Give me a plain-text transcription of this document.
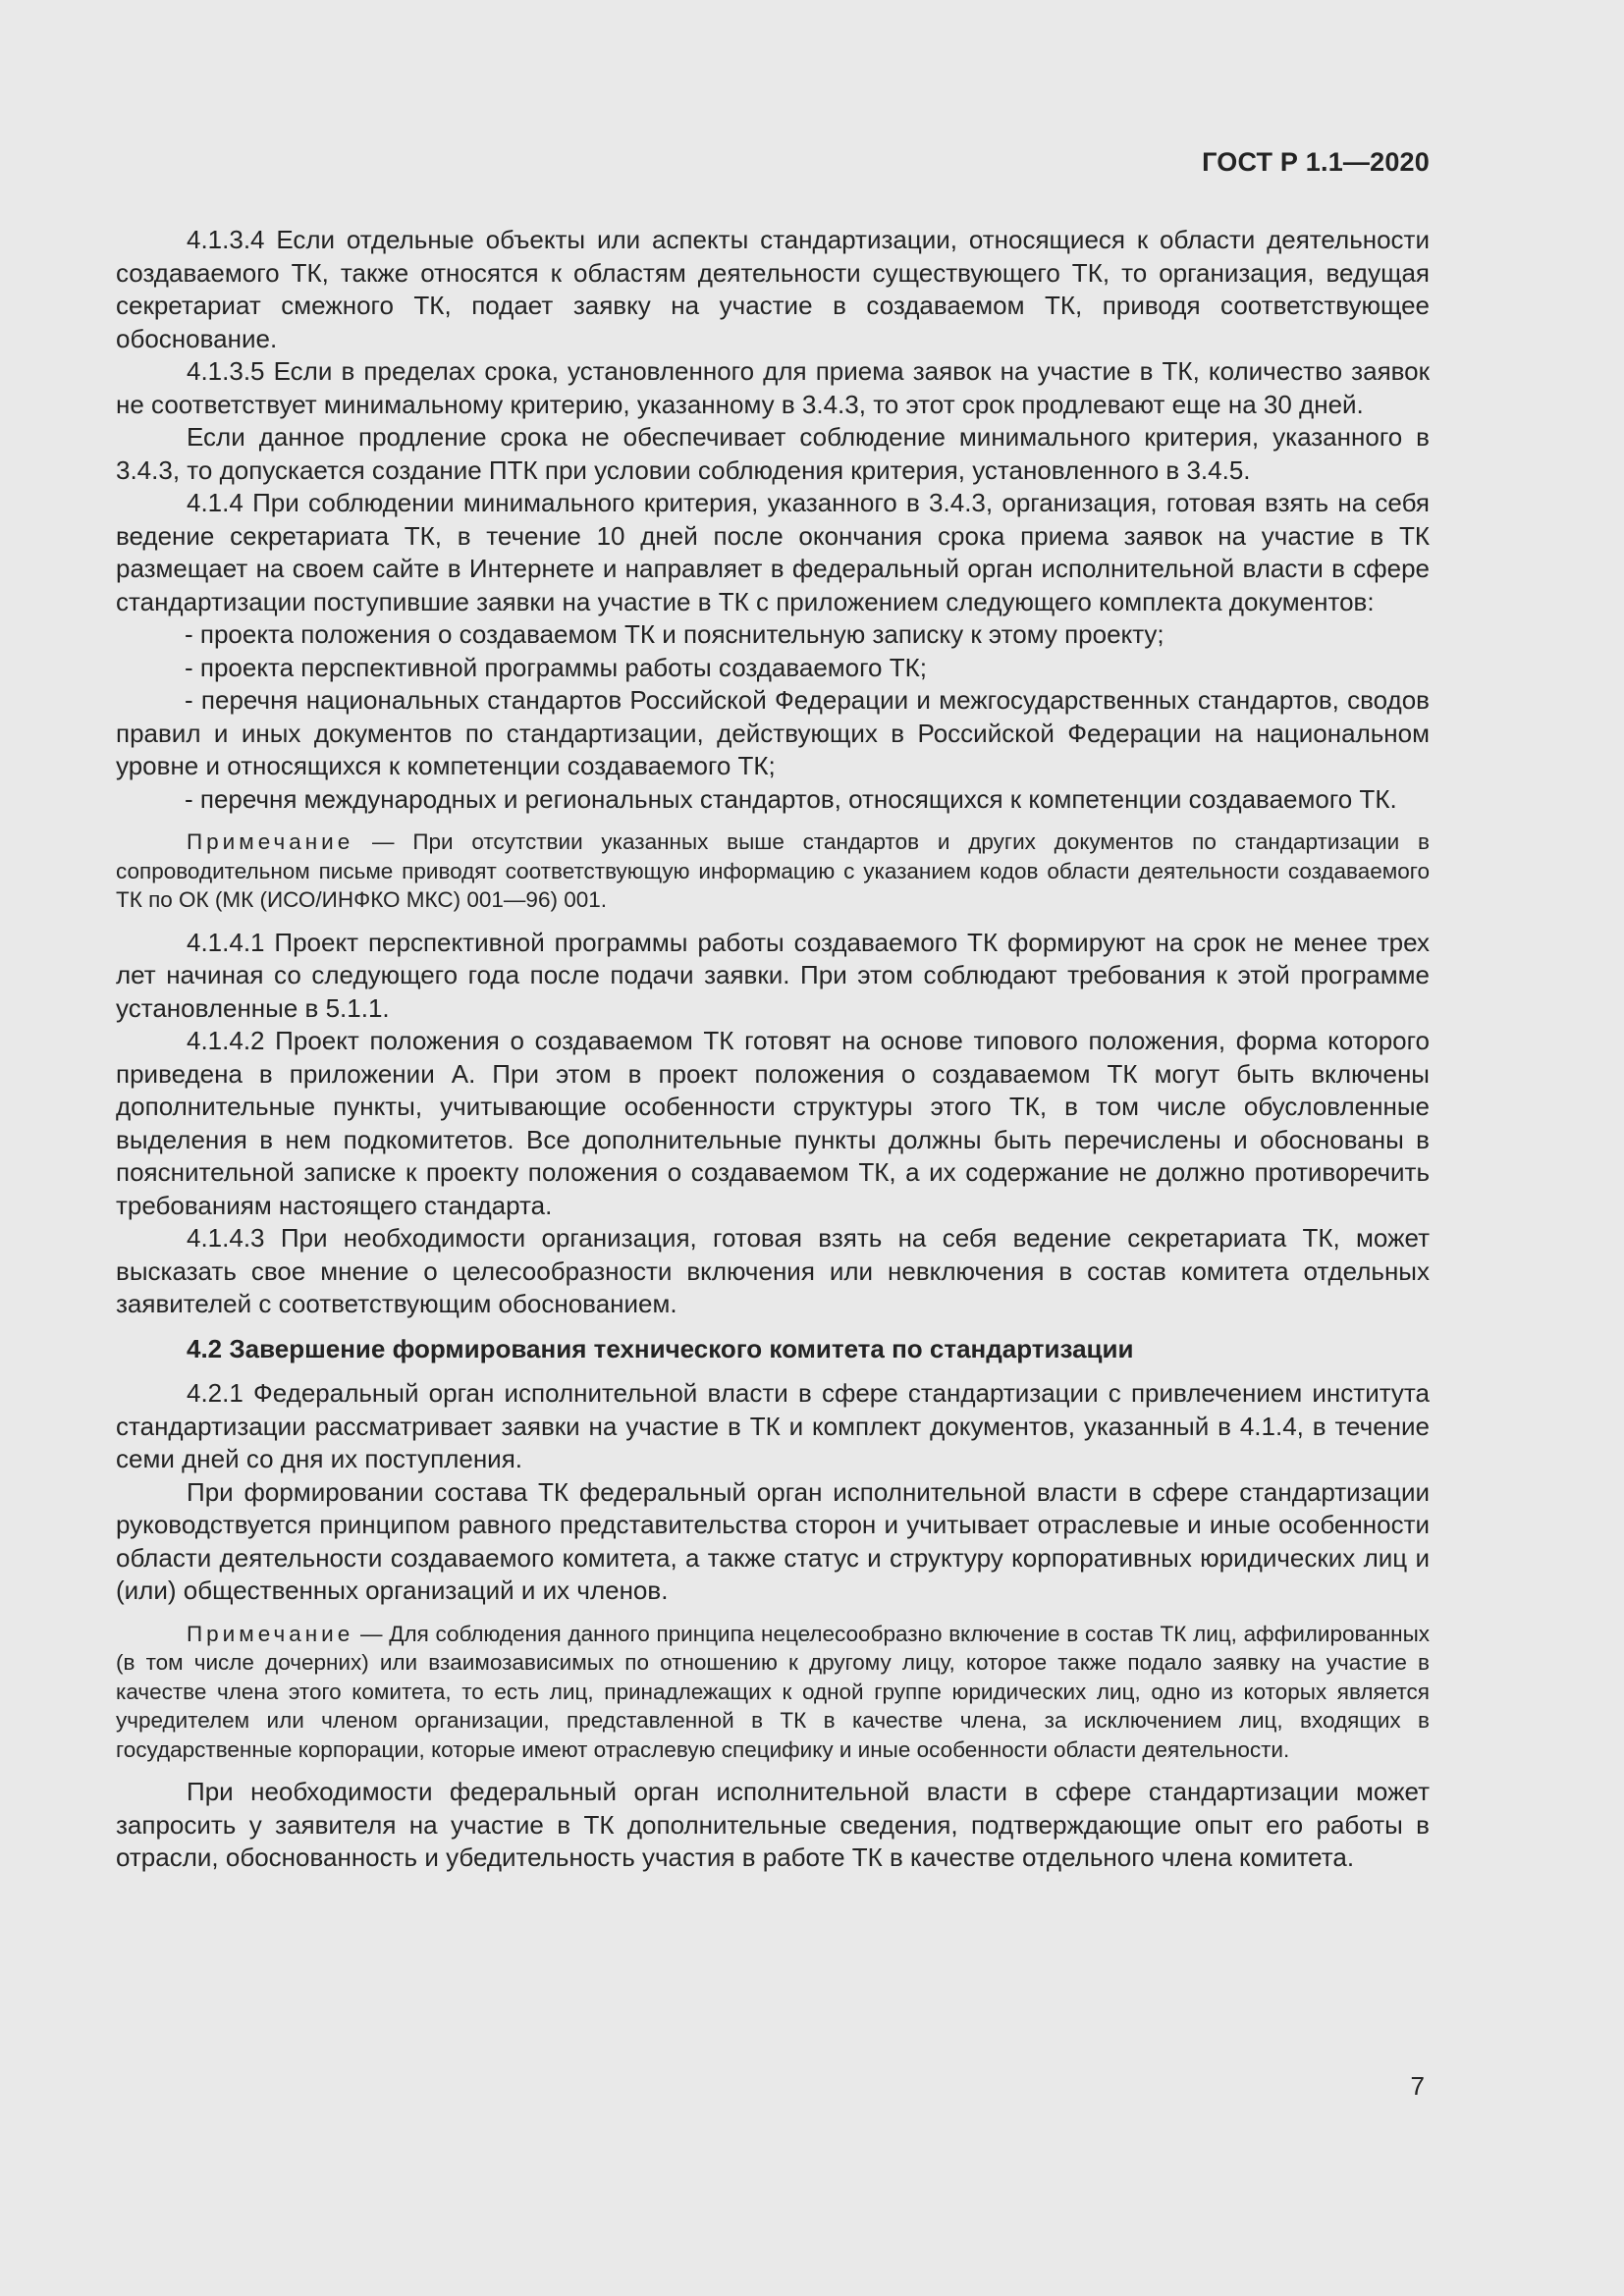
ГОСТ Р 1.1—2020

4.1.3.4 Если отдельные объекты или аспекты стандартизации, относящиеся к области деятельности создаваемого ТК, также относятся к областям деятельности существующего ТК, то организация, ведущая секретариат смежного ТК, подает заявку на участие в создаваемом ТК, приводя соответствующее обоснование.

4.1.3.5 Если в пределах срока, установленного для приема заявок на участие в ТК, количество заявок не соответствует минимальному критерию, указанному в 3.4.3, то этот срок продлевают еще на 30 дней.

Если данное продление срока не обеспечивает соблюдение минимального критерия, указанного в 3.4.3, то допускается создание ПТК при условии соблюдения критерия, установленного в 3.4.5.

4.1.4 При соблюдении минимального критерия, указанного в 3.4.3, организация, готовая взять на себя ведение секретариата ТК, в течение 10 дней после окончания срока приема заявок на участие в ТК размещает на своем сайте в Интернете и направляет в федеральный орган исполнительной власти в сфере стандартизации поступившие заявки на участие в ТК с приложением следующего комплекта документов:

- проекта положения о создаваемом ТК и пояснительную записку к этому проекту;

- проекта перспективной программы работы создаваемого ТК;

- перечня национальных стандартов Российской Федерации и межгосударственных стандартов, сводов правил и иных документов по стандартизации, действующих в Российской Федерации на национальном уровне и относящихся к компетенции создаваемого ТК;

- перечня международных и региональных стандартов, относящихся к компетенции создаваемого ТК.

Примечание — При отсутствии указанных выше стандартов и других документов по стандартизации в сопроводительном письме приводят соответствующую информацию с указанием кодов области деятельности создаваемого ТК по ОК (МК (ИСО/ИНФКО МКС) 001—96) 001.

4.1.4.1 Проект перспективной программы работы создаваемого ТК формируют на срок не менее трех лет начиная со следующего года после подачи заявки. При этом соблюдают требования к этой программе установленные в 5.1.1.

4.1.4.2 Проект положения о создаваемом ТК готовят на основе типового положения, форма которого приведена в приложении А. При этом в проект положения о создаваемом ТК могут быть включены дополнительные пункты, учитывающие особенности структуры этого ТК, в том числе обусловленные выделения в нем подкомитетов. Все дополнительные пункты должны быть перечислены и обоснованы в пояснительной записке к проекту положения о создаваемом ТК, а их содержание не должно противоречить требованиям настоящего стандарта.

4.1.4.3 При необходимости организация, готовая взять на себя ведение секретариата ТК, может высказать свое мнение о целесообразности включения или невключения в состав комитета отдельных заявителей с соответствующим обоснованием.

4.2 Завершение формирования технического комитета по стандартизации

4.2.1 Федеральный орган исполнительной власти в сфере стандартизации с привлечением института стандартизации рассматривает заявки на участие в ТК и комплект документов, указанный в 4.1.4, в течение семи дней со дня их поступления.

При формировании состава ТК федеральный орган исполнительной власти в сфере стандартизации руководствуется принципом равного представительства сторон и учитывает отраслевые и иные особенности области деятельности создаваемого комитета, а также статус и структуру корпоративных юридических лиц и (или) общественных организаций и их членов.

Примечание — Для соблюдения данного принципа нецелесообразно включение в состав ТК лиц, аффилированных (в том числе дочерних) или взаимозависимых по отношению к другому лицу, которое также подало заявку на участие в качестве члена этого комитета, то есть лиц, принадлежащих к одной группе юридических лиц, одно из которых является учредителем или членом организации, представленной в ТК в качестве члена, за исключением лиц, входящих в государственные корпорации, которые имеют отраслевую специфику и иные особенности области деятельности.

При необходимости федеральный орган исполнительной власти в сфере стандартизации может запросить у заявителя на участие в ТК дополнительные сведения, подтверждающие опыт его работы в отрасли, обоснованность и убедительность участия в работе ТК в качестве отдельного члена комитета.

7
